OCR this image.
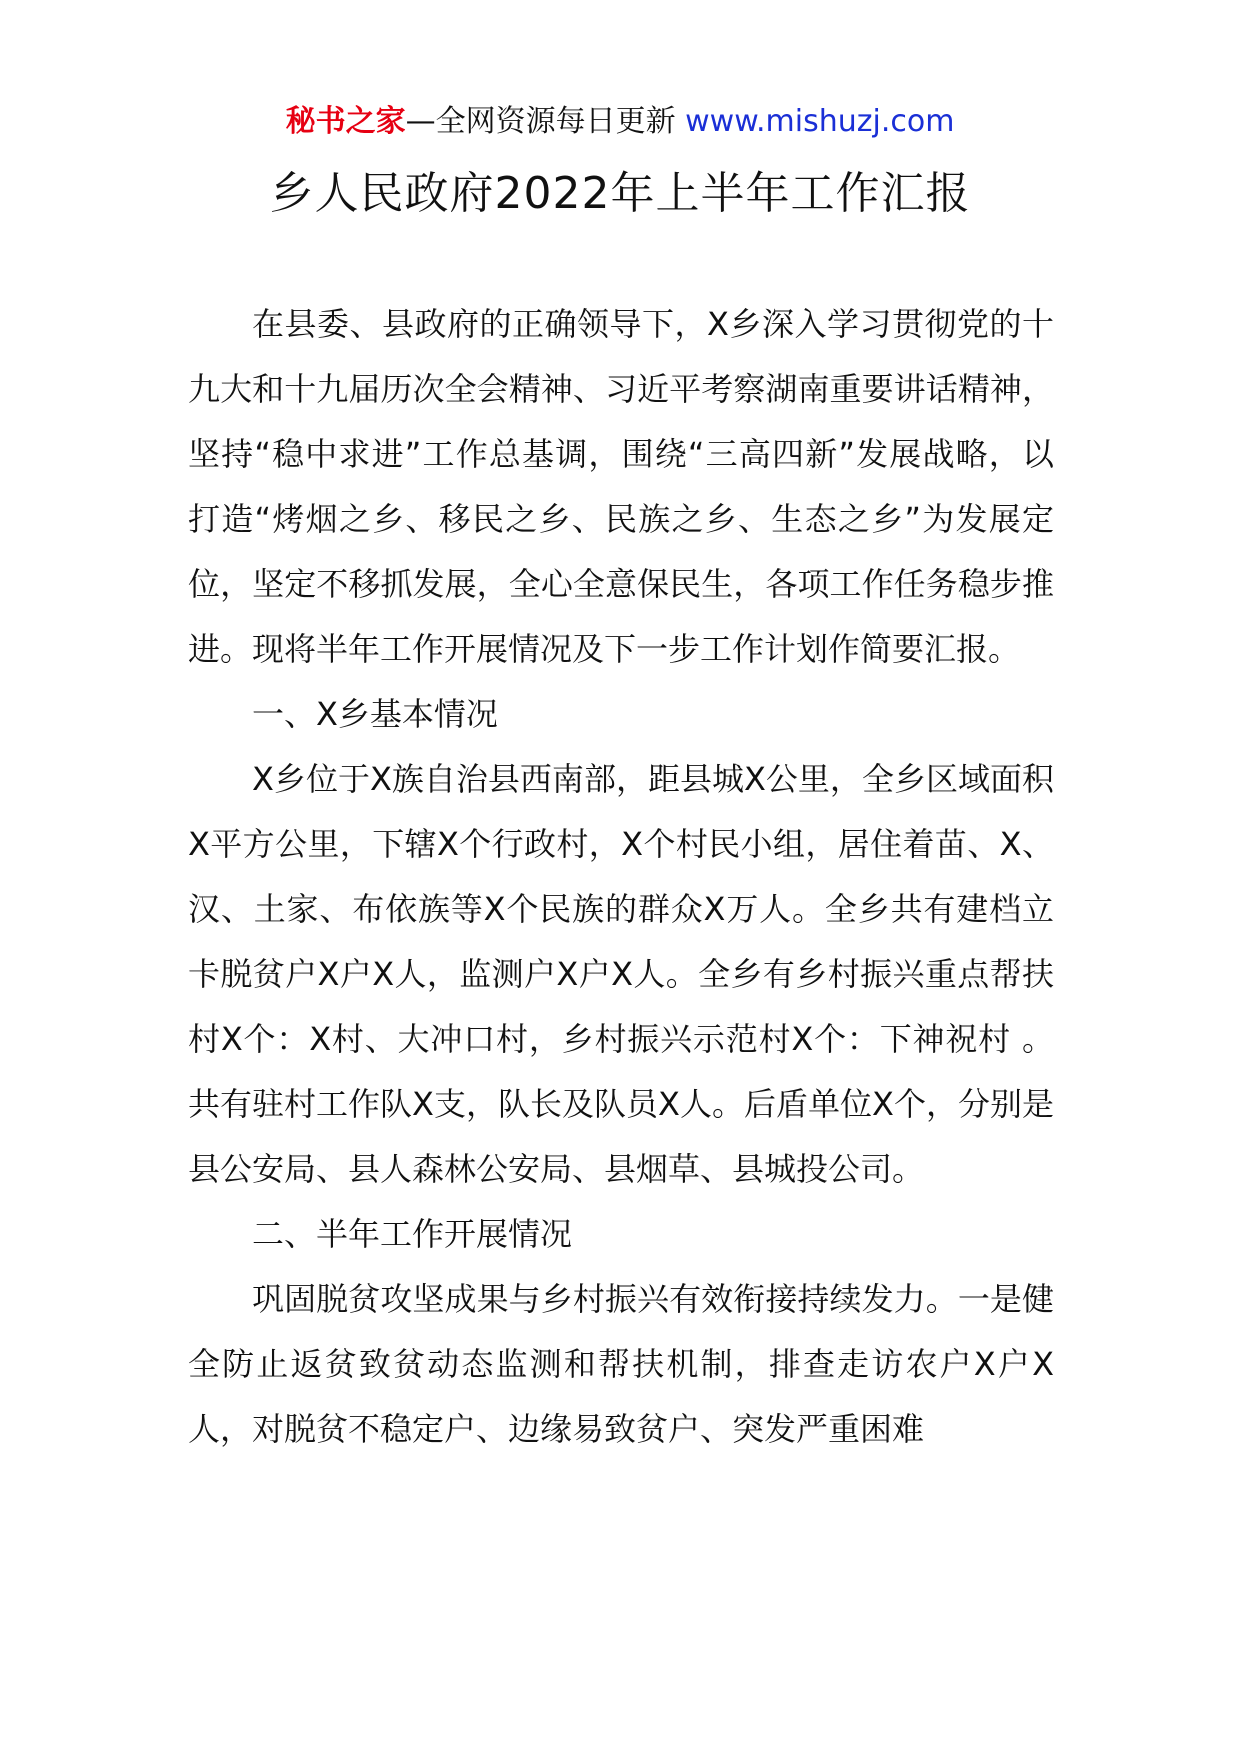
秘书之家—全网资源每日更新 www.mishuzj.com
乡人民政府2022年上半年工作汇报

在县委、县政府的正确领导下，X乡深入学习贯彻党的十九大和十九届历次全会精神、习近平考察湖南重要讲话精神，坚持“稳中求进”工作总基调，围绕“三高四新”发展战略，以打造“烤烟之乡、移民之乡、民族之乡、生态之乡”为发展定位，坚定不移抓发展，全心全意保民生，各项工作任务稳步推进。现将半年工作开展情况及下一步工作计划作简要汇报。

一、X乡基本情况

X乡位于X族自治县西南部，距县城X公里，全乡区域面积X平方公里，下辖X个行政村，X个村民小组，居住着苗、X、汉、土家、布依族等X个民族的群众X万人。全乡共有建档立卡脱贫户X户X人，监测户X户X人。全乡有乡村振兴重点帮扶村X个：X村、大冲口村，乡村振兴示范村X个：下神祝村 。共有驻村工作队X支，队长及队员X人。后盾单位X个，分别是县公安局、县人森林公安局、县烟草、县城投公司。

二、半年工作开展情况

巩固脱贫攻坚成果与乡村振兴有效衔接持续发力。一是健全防止返贫致贫动态监测和帮扶机制，排查走访农户X户X人，对脱贫不稳定户、边缘易致贫户、突发严重困难
